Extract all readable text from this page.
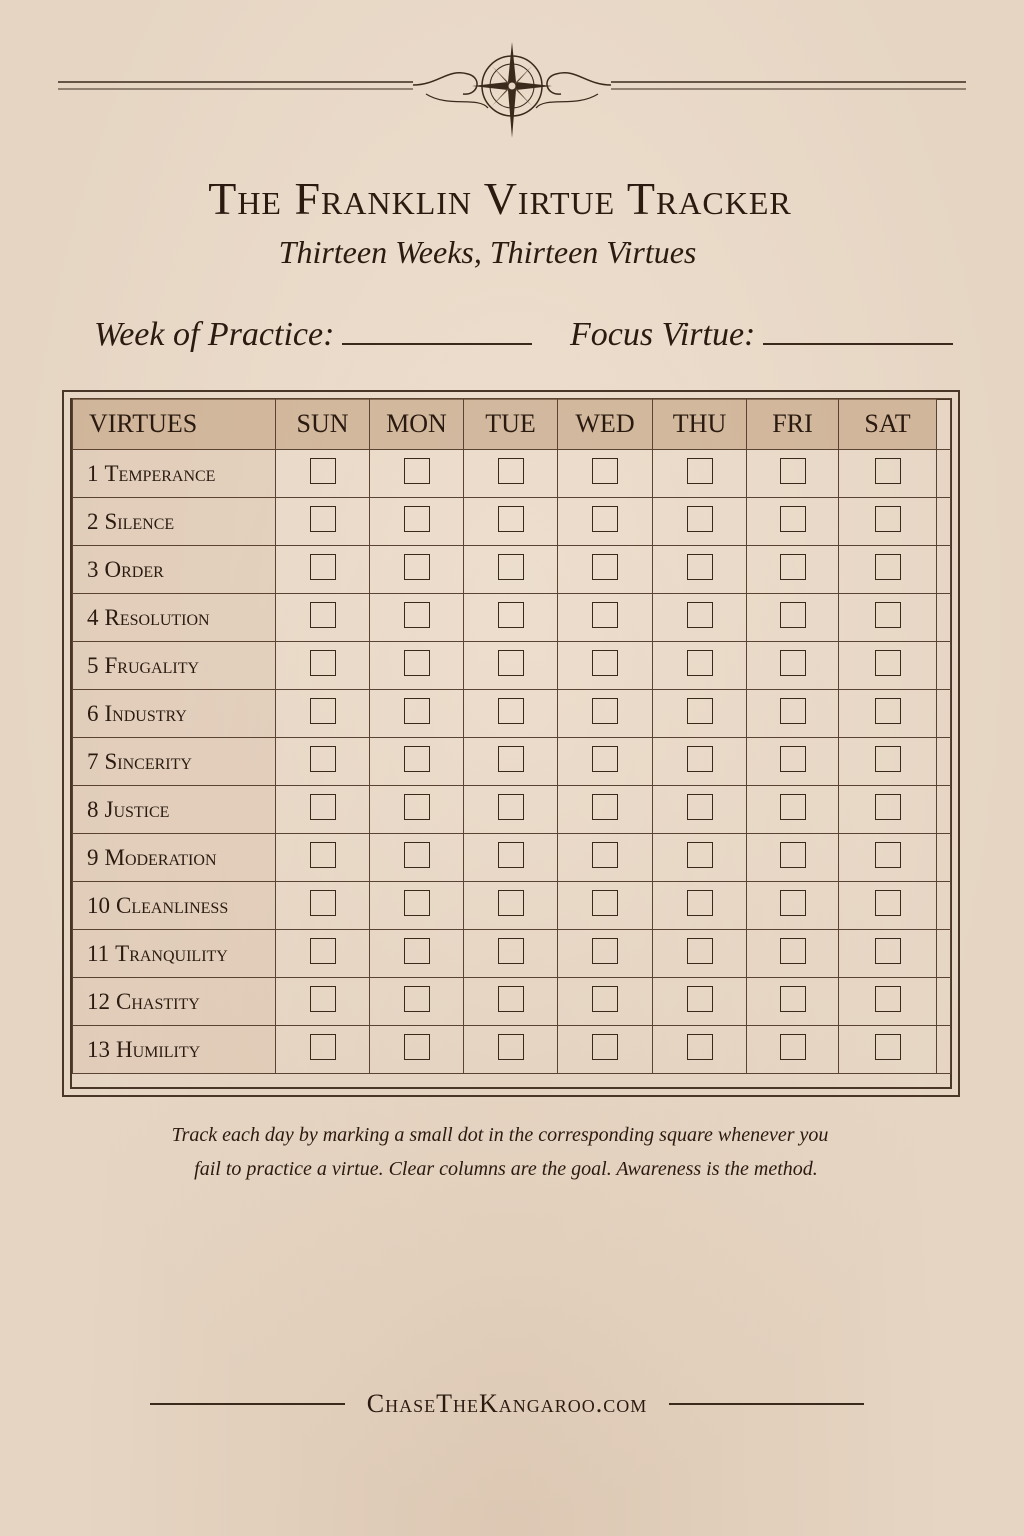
The Franklin Virtue Tracker
Thirteen Weeks, Thirteen Virtues
Week of Practice:	Focus Virtue:
VIRTUES	SUN	MON	TUE	WED	THU	FRI	SAT	
1 Temperance								
2 Silence								
3 Order								
4 Resolution								
5 Frugality								
6 Industry								
7 Sincerity								
8 Justice								
9 Moderation								
10 Cleanliness								
11 Tranquility								
12 Chastity								
13 Humility								
Track each day by marking a small dot in the corresponding square whenever you
fail to practice a virtue. Clear columns are the goal. Awareness is the method.
ChaseTheKangaroo.com
